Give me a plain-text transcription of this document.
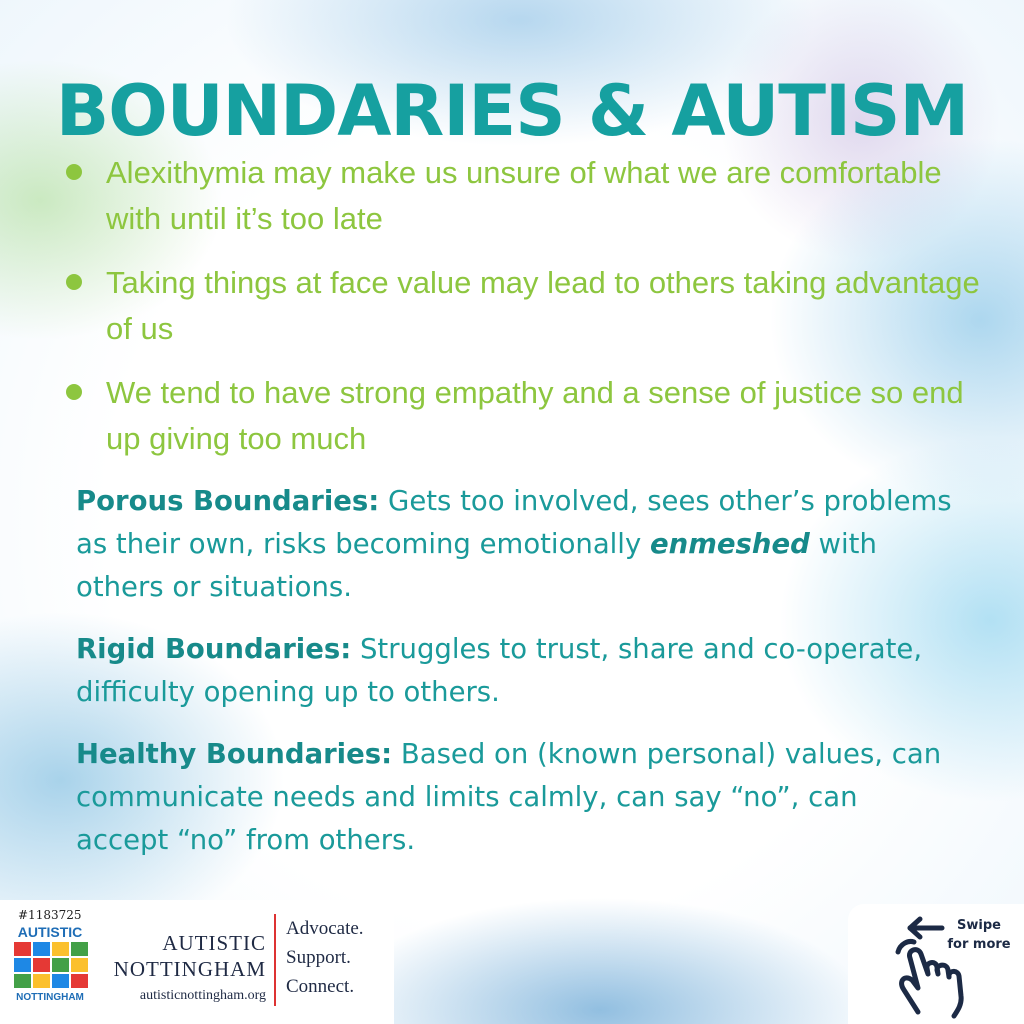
BOUNDARIES & AUTISM
Alexithymia may make us unsure of what we are comfortable with until it’s too late
Taking things at face value may lead to others taking advantage of us
We tend to have strong empathy and a sense of justice so end up giving too much

Porous Boundaries: Gets too involved, sees other’s problems as their own, risks becoming emotionally enmeshed with others or situations.

Rigid Boundaries: Struggles to trust, share and co-operate, difficulty opening up to others.

Healthy Boundaries: Based on (known personal) values, can communicate needs and limits calmly, can say “no”, can accept “no” from others.

#1183725
AUTISTIC
NOTTINGHAM
AUTISTIC
NOTTINGHAM
autisticnottingham.org
Advocate.
Support.
Connect.
Swipe
for more
